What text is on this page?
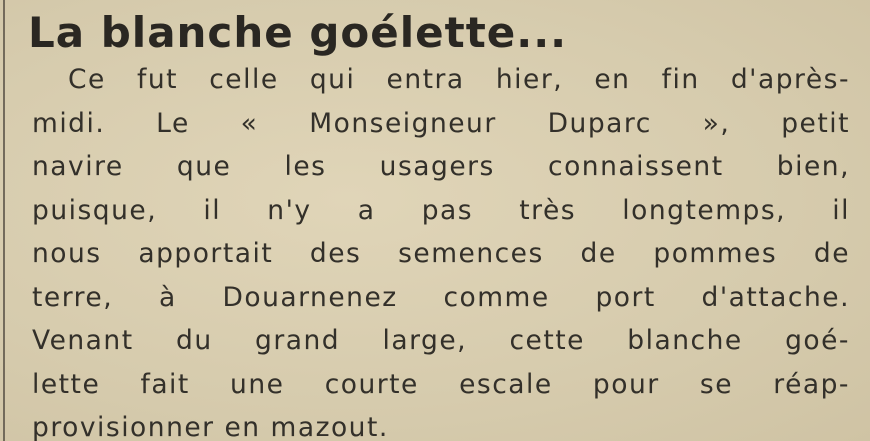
La blanche goélette...
Ce fut celle qui entra hier, en fin d'après-
midi. Le « Monseigneur Duparc », petit
navire que les usagers connaissent bien,
puisque, il n'y a pas très longtemps, il
nous apportait des semences de pommes de
terre, à Douarnenez comme port d'attache.
Venant du grand large, cette blanche goé-
lette fait une courte escale pour se réap-
provisionner en mazout.
